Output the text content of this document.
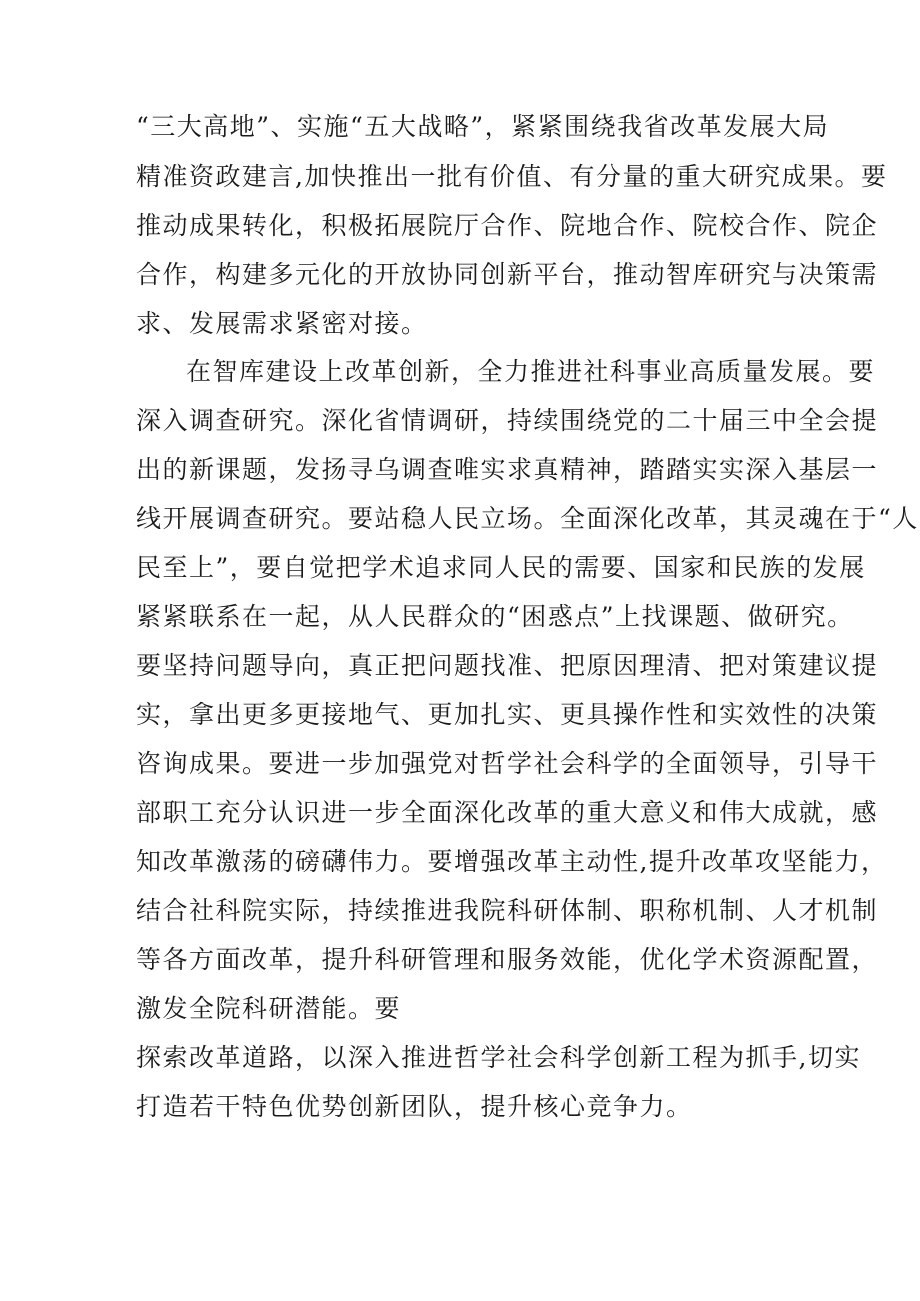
“三大高地”、实施“五大战略”，紧紧围绕我省改革发展大局
精准资政建言,加快推出一批有价值、有分量的重大研究成果。要
推动成果转化，积极拓展院厅合作、院地合作、院校合作、院企
合作，构建多元化的开放协同创新平台，推动智库研究与决策需
求、发展需求紧密对接。
在智库建设上改革创新，全力推进社科事业高质量发展。要
深入调查研究。深化省情调研，持续围绕党的二十届三中全会提
出的新课题，发扬寻乌调查唯实求真精神，踏踏实实深入基层一
线开展调查研究。要站稳人民立场。全面深化改革，其灵魂在于“人
民至上”，要自觉把学术追求同人民的需要、国家和民族的发展
紧紧联系在一起，从人民群众的“困惑点”上找课题、做研究。
要坚持问题导向，真正把问题找准、把原因理清、把对策建议提
实，拿出更多更接地气、更加扎实、更具操作性和实效性的决策
咨询成果。要进一步加强党对哲学社会科学的全面领导，引导干
部职工充分认识进一步全面深化改革的重大意义和伟大成就，感
知改革激荡的磅礴伟力。要增强改革主动性,提升改革攻坚能力，
结合社科院实际，持续推进我院科研体制、职称机制、人才机制
等各方面改革，提升科研管理和服务效能，优化学术资源配置，
激发全院科研潜能。要
探索改革道路，以深入推进哲学社会科学创新工程为抓手,切实
打造若干特色优势创新团队，提升核心竞争力。
